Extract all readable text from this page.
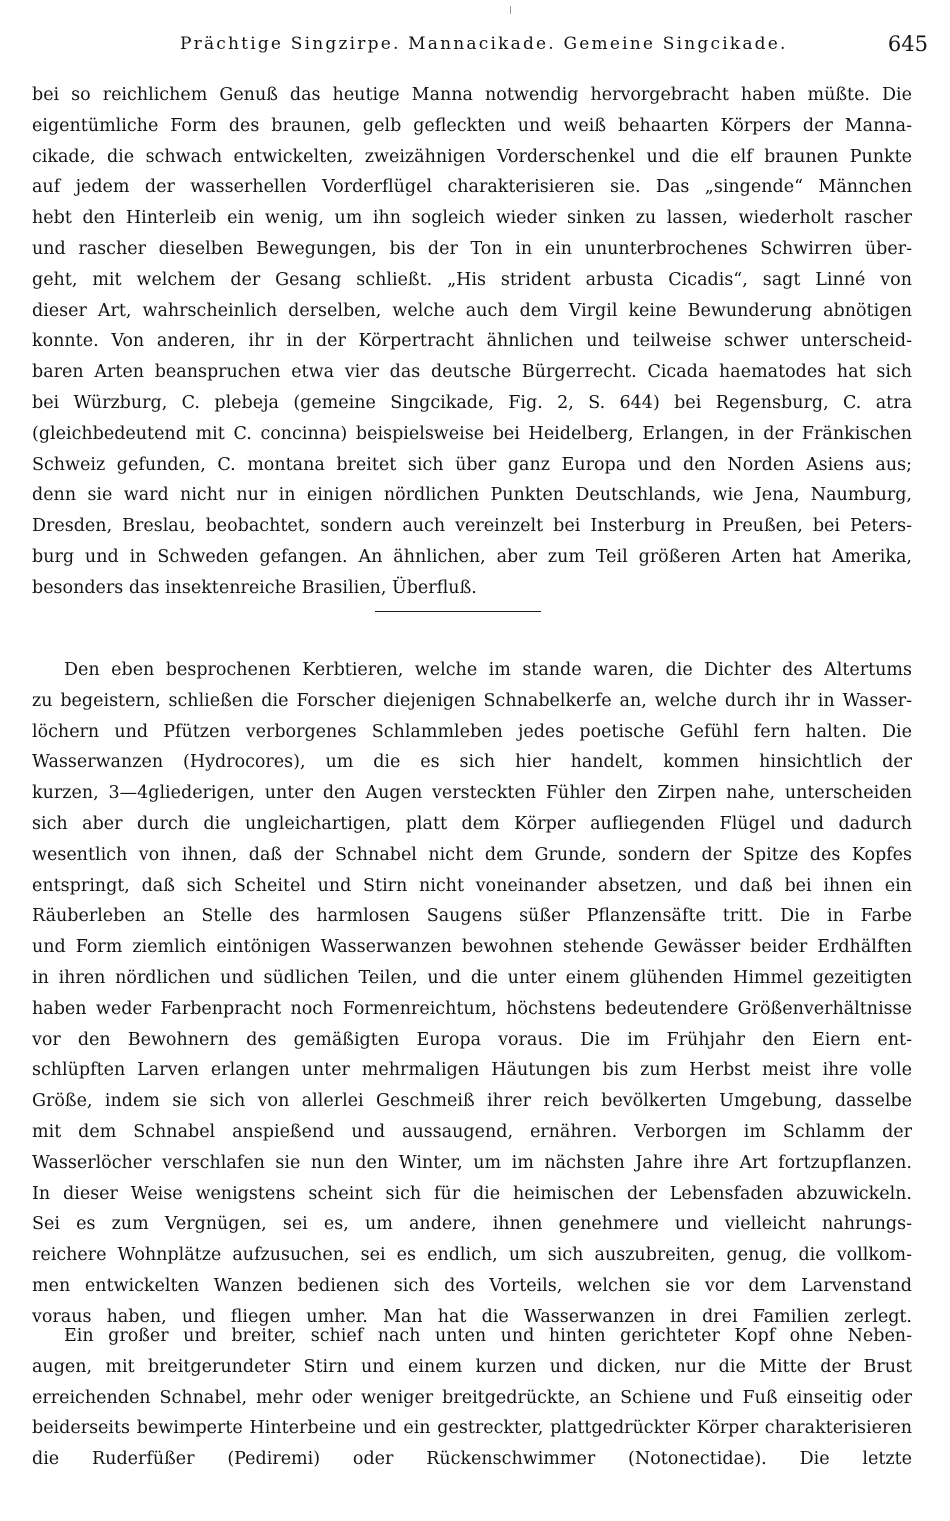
Prächtige Singzirpe. Mannacikade. Gemeine Singcikade.	645
bei so reichlichem Genuß das heutige Manna notwendig hervorgebracht haben müßte. Die
eigentümliche Form des braunen, gelb gefleckten und weiß behaarten Körpers der Manna-
cikade, die schwach entwickelten, zweizähnigen Vorderschenkel und die elf braunen Punkte
auf jedem der wasserhellen Vorderflügel charakterisieren sie. Das „singende“ Männchen
hebt den Hinterleib ein wenig, um ihn sogleich wieder sinken zu lassen, wiederholt rascher
und rascher dieselben Bewegungen, bis der Ton in ein ununterbrochenes Schwirren über-
geht, mit welchem der Gesang schließt. „His strident arbusta Cicadis“, sagt Linné von
dieser Art, wahrscheinlich derselben, welche auch dem Virgil keine Bewunderung abnötigen
konnte. Von anderen, ihr in der Körpertracht ähnlichen und teilweise schwer unterscheid-
baren Arten beanspruchen etwa vier das deutsche Bürgerrecht. Cicada haematodes hat sich
bei Würzburg, C. plebeja (gemeine Singcikade, Fig. 2, S. 644) bei Regensburg, C. atra
(gleichbedeutend mit C. concinna) beispielsweise bei Heidelberg, Erlangen, in der Fränkischen
Schweiz gefunden, C. montana breitet sich über ganz Europa und den Norden Asiens aus;
denn sie ward nicht nur in einigen nördlichen Punkten Deutschlands, wie Jena, Naumburg,
Dresden, Breslau, beobachtet, sondern auch vereinzelt bei Insterburg in Preußen, bei Peters-
burg und in Schweden gefangen. An ähnlichen, aber zum Teil größeren Arten hat Amerika,
besonders das insektenreiche Brasilien, Überfluß.
Den eben besprochenen Kerbtieren, welche im stande waren, die Dichter des Altertums
zu begeistern, schließen die Forscher diejenigen Schnabelkerfe an, welche durch ihr in Wasser-
löchern und Pfützen verborgenes Schlammleben jedes poetische Gefühl fern halten. Die
Wasserwanzen (Hydrocores), um die es sich hier handelt, kommen hinsichtlich der
kurzen, 3—4gliederigen, unter den Augen versteckten Fühler den Zirpen nahe, unterscheiden
sich aber durch die ungleichartigen, platt dem Körper aufliegenden Flügel und dadurch
wesentlich von ihnen, daß der Schnabel nicht dem Grunde, sondern der Spitze des Kopfes
entspringt, daß sich Scheitel und Stirn nicht voneinander absetzen, und daß bei ihnen ein
Räuberleben an Stelle des harmlosen Saugens süßer Pflanzensäfte tritt. Die in Farbe
und Form ziemlich eintönigen Wasserwanzen bewohnen stehende Gewässer beider Erdhälften
in ihren nördlichen und südlichen Teilen, und die unter einem glühenden Himmel gezeitigten
haben weder Farbenpracht noch Formenreichtum, höchstens bedeutendere Größenverhältnisse
vor den Bewohnern des gemäßigten Europa voraus. Die im Frühjahr den Eiern ent-
schlüpften Larven erlangen unter mehrmaligen Häutungen bis zum Herbst meist ihre volle
Größe, indem sie sich von allerlei Geschmeiß ihrer reich bevölkerten Umgebung, dasselbe
mit dem Schnabel anspießend und aussaugend, ernähren. Verborgen im Schlamm der
Wasserlöcher verschlafen sie nun den Winter, um im nächsten Jahre ihre Art fortzupflanzen.
In dieser Weise wenigstens scheint sich für die heimischen der Lebensfaden abzuwickeln.
Sei es zum Vergnügen, sei es, um andere, ihnen genehmere und vielleicht nahrungs-
reichere Wohnplätze aufzusuchen, sei es endlich, um sich auszubreiten, genug, die vollkom-
men entwickelten Wanzen bedienen sich des Vorteils, welchen sie vor dem Larvenstand
voraus haben, und fliegen umher. Man hat die Wasserwanzen in drei Familien zerlegt.
Ein großer und breiter, schief nach unten und hinten gerichteter Kopf ohne Neben-
augen, mit breitgerundeter Stirn und einem kurzen und dicken, nur die Mitte der Brust
erreichenden Schnabel, mehr oder weniger breitgedrückte, an Schiene und Fuß einseitig oder
beiderseits bewimperte Hinterbeine und ein gestreckter, plattgedrückter Körper charakterisieren
die Ruderfüßer (Pediremi) oder Rückenschwimmer (Notonectidae). Die letzte
